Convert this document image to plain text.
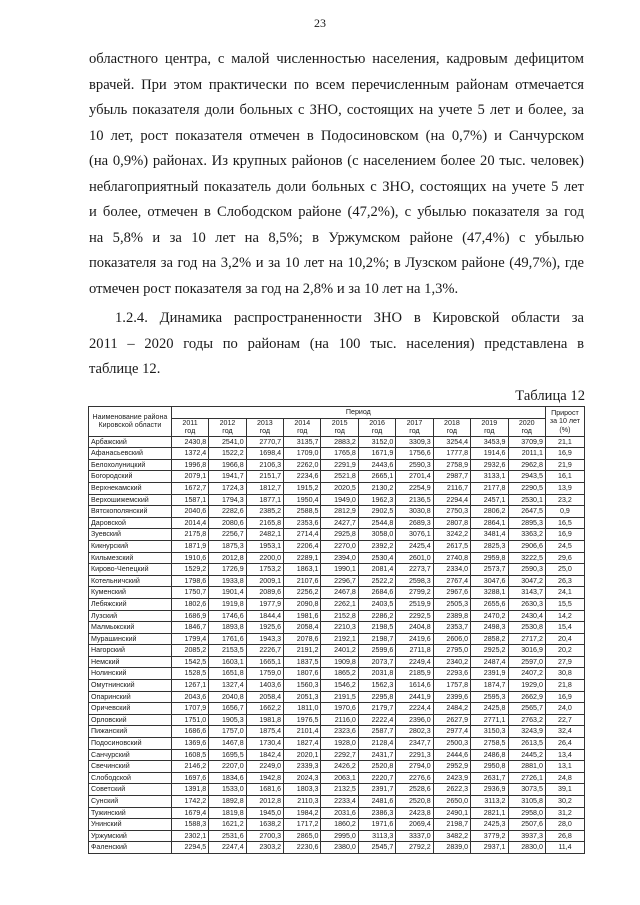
23
областного центра, с малой численностью населения, кадровым дефицитом
врачей. При этом практически по всем перечисленным районам отмечается
убыль показателя доли больных с ЗНО, состоящих на учете 5 лет и более, за
10 лет, рост показателя отмечен в Подосиновском (на 0,7%) и Санчурском
(на 0,9%) районах. Из крупных районов (с населением более 20 тыс. человек)
неблагоприятный показатель доли больных с ЗНО, состоящих на учете 5 лет
и более, отмечен в Слободском районе (47,2%), с убылью показателя за год
на 5,8% и за 10 лет на 8,5%; в Уржумском районе (47,4%) с убылью
показателя за год на 3,2% и за 10 лет на 10,2%; в Лузском районе (49,7%), где
отмечен рост показателя за год на 2,8% и за 10 лет на 1,3%.
1.2.4. Динамика распространенности ЗНО в Кировской области за
2011 – 2020 годы по районам (на 100 тыс. населения) представлена в
таблице 12.
Таблица 12
Наименование района Кировской области	Период										Прирост за 10 лет (%)
	2011 год	2012 год	2013 год	2014 год	2015 год	2016 год	2017 год	2018 год	2019 год	2020 год	
Арбажский	2430,8	2541,0	2770,7	3135,7	2883,2	3152,0	3309,3	3254,4	3453,9	3709,9	21,1
Афанасьевский	1372,4	1522,2	1698,4	1709,0	1765,8	1671,9	1756,6	1777,8	1914,6	2011,1	16,9
Белохолуницкий	1996,8	1966,8	2106,3	2262,0	2291,9	2443,6	2590,3	2758,9	2932,6	2962,8	21,9
Богородский	2079,1	1941,7	2151,7	2234,6	2521,8	2665,1	2701,4	2987,7	3133,1	2943,5	16,1
Верхнекамский	1672,7	1724,3	1812,7	1915,2	2020,5	2130,2	2254,9	2116,7	2177,8	2290,5	13,9
Верхошижемский	1587,1	1794,3	1877,1	1950,4	1949,0	1962,3	2136,5	2294,4	2457,1	2530,1	23,2
Вятскополянский	2040,6	2282,6	2385,2	2588,5	2812,9	2902,5	3030,8	2750,3	2806,2	2647,5	0,9
Даровской	2014,4	2080,6	2165,8	2353,6	2427,7	2544,8	2689,3	2807,8	2864,1	2895,3	16,5
Зуевский	2175,8	2256,7	2482,1	2714,4	2925,8	3058,0	3076,1	3242,2	3481,4	3363,2	16,9
Кикнурский	1871,9	1875,3	1953,1	2206,4	2270,0	2392,2	2425,4	2617,5	2825,3	2906,6	24,5
Кильмезский	1910,6	2012,8	2200,0	2289,1	2394,0	2530,4	2601,0	2740,8	2959,8	3222,5	29,6
Кирово-Чепецкий	1529,2	1726,9	1753,2	1863,1	1990,1	2081,4	2273,7	2334,0	2573,7	2590,3	25,0
Котельничский	1798,6	1933,8	2009,1	2107,6	2296,7	2522,2	2598,3	2767,4	3047,6	3047,2	26,3
Куменский	1750,7	1901,4	2089,6	2256,2	2467,8	2684,6	2799,2	2967,6	3288,1	3143,7	24,1
Лебяжский	1802,6	1919,8	1977,9	2090,8	2262,1	2403,5	2519,9	2505,3	2655,6	2630,3	15,5
Лузский	1686,9	1746,6	1844,4	1981,6	2152,8	2286,2	2292,5	2389,8	2470,2	2430,4	14,2
Малмыжский	1846,7	1893,8	1925,6	2058,4	2210,3	2198,5	2404,8	2353,7	2498,3	2530,8	15,4
Мурашинский	1799,4	1761,6	1943,3	2078,6	2192,1	2198,7	2419,6	2606,0	2858,2	2717,2	20,4
Нагорский	2085,2	2153,5	2226,7	2191,2	2401,2	2599,6	2711,8	2795,0	2925,2	3016,9	20,2
Немский	1542,5	1603,1	1665,1	1837,5	1909,8	2073,7	2249,4	2340,2	2487,4	2597,0	27,9
Нолинский	1528,5	1651,8	1759,0	1807,6	1865,2	2031,8	2185,9	2293,6	2391,9	2407,2	30,8
Омутнинский	1267,1	1327,4	1403,6	1560,3	1546,2	1562,3	1614,6	1757,8	1874,7	1929,0	21,8
Опаринский	2043,6	2040,8	2058,4	2051,3	2191,5	2295,8	2441,9	2399,6	2595,3	2662,9	16,9
Оричевский	1707,9	1656,7	1662,2	1811,0	1970,6	2179,7	2224,4	2484,2	2425,8	2565,7	24,0
Орловский	1751,0	1905,3	1981,8	1976,5	2116,0	2222,4	2396,0	2627,9	2771,1	2763,2	22,7
Пижанский	1686,6	1757,0	1875,4	2101,4	2323,6	2587,7	2802,3	2977,4	3150,3	3243,9	32,4
Подосиновский	1369,6	1467,8	1730,4	1827,4	1928,0	2128,4	2347,7	2500,3	2758,5	2613,5	26,4
Санчурский	1608,5	1695,5	1842,4	2020,1	2292,7	2431,7	2291,3	2444,6	2486,8	2445,2	13,4
Свечинский	2146,2	2207,0	2249,0	2339,3	2426,2	2520,8	2794,0	2952,9	2950,8	2881,0	13,1
Слободской	1697,6	1834,6	1942,8	2024,3	2063,1	2220,7	2276,6	2423,9	2631,7	2726,1	24,8
Советский	1391,8	1533,0	1681,6	1803,3	2132,5	2391,7	2528,6	2622,3	2936,9	3073,5	39,1
Сунский	1742,2	1892,8	2012,8	2110,3	2233,4	2481,6	2520,8	2650,0	3113,2	3105,8	30,2
Тужинский	1679,4	1819,8	1945,0	1984,2	2031,6	2386,3	2423,8	2490,1	2821,1	2958,0	31,2
Унинский	1588,3	1621,2	1638,2	1717,2	1860,2	1971,6	2069,4	2198,7	2425,3	2507,6	28,0
Уржумский	2302,1	2531,6	2700,3	2865,0	2995,0	3113,3	3337,0	3482,2	3779,2	3937,3	26,8
Фаленский	2294,5	2247,4	2303,2	2230,6	2380,0	2545,7	2792,2	2839,0	2937,1	2830,0	11,4
